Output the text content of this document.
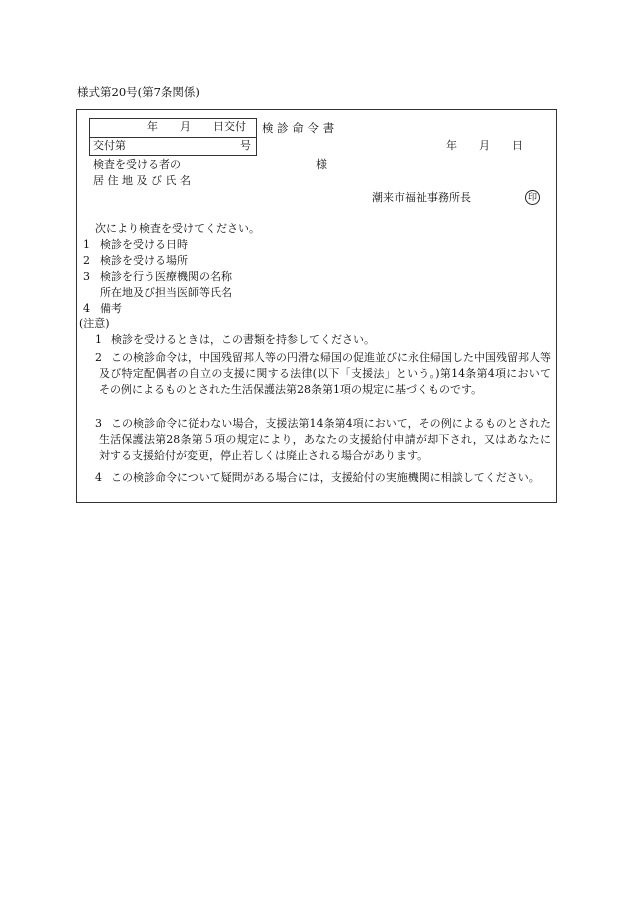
様式第20号(第7条関係)
年　　月　　日交付
交付第	号
検 診 命 令 書
年　　月　　日
検査を受ける者の	様
居 住 地 及 び 氏 名
潮来市福祉事務所長	印
次により検査を受けてください。
1 検診を受ける日時
2 検診を受ける場所
3 検診を行う医療機関の名称
所在地及び担当医師等氏名
4 備考
(注意)
1 検診を受けるときは，この書類を持参してください。
2 この検診命令は，中国残留邦人等の円滑な帰国の促進並びに永住帰国した中国残留邦人等及び特定配偶者の自立の支援に関する法律(以下「支援法」という。)第14条第4項においてその例によるものとされた生活保護法第28条第1項の規定に基づくものです。
3 この検診命令に従わない場合，支援法第14条第4項において，その例によるものとされた生活保護法第28条第５項の規定により，あなたの支援給付申請が却下され，又はあなたに対する支援給付が変更，停止若しくは廃止される場合があります。
4 この検診命令について疑問がある場合には，支援給付の実施機関に相談してください。
